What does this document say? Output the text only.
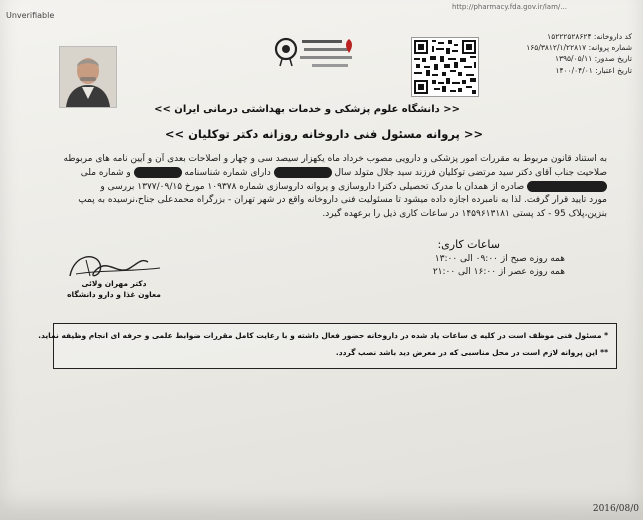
Unverifiable
http://pharmacy.fda.gov.ir/lam/...
کد داروخانه: ۱۵۲۲۲۵۲۸۶۲۴
شماره پروانه: ۱۶۵/۳۸۱۲/۱/۲۲۸۱۷
تاریخ صدور: ۱۳۹۵/۰۵/۱۱
تاریخ اعتبار: ۱۴۰۰/۰۴/۰۱
<< دانشگاه علوم پزشکی و خدمات بهداشتی درمانی ایران >>
<< پروانه مسئول فنی داروخانه روزانه دکتر توکلیان >>
به استناد قانون مربوط به مقررات امور پزشکی و دارویی مصوب خرداد ماه یکهزار سیصد سی و چهار و اصلاحات بعدی آن و آیین نامه های مربوطه
صلاحیت جناب آقای دکتر سید مرتضی توکلیان فرزند سید جلال متولد سال  دارای شماره شناسنامه  و شماره ملی
صادره از همدان با مدرک تحصیلی دکترا داروسازی و پروانه داروسازی شماره ۱۰۹۳۷۸ مورخ ۱۳۷۷/۰۹/۱۵ بررسی و
مورد تایید قرار گرفت. لذا به نامبرده اجازه داده میشود تا مسئولیت فنی داروخانه واقع در شهر تهران - بزرگراه محمدعلی جناح،نرسیده به پمپ
بنزین،پلاک 95 - کد پستی ۱۴۵۹۶۱۳۱۸۱ در ساعات کاری ذیل را برعهده گیرد.
ساعات کاری:
همه روزه صبح از ۰۹:۰۰ الی ۱۳:۰۰
همه روزه عصر از ۱۶:۰۰ الی ۲۱:۰۰
دکتر مهران ولائی
معاون غذا و دارو دانشگاه
* مسئول فنی موظف است در کلیه ی ساعات یاد شده در داروخانه حضور فعال داشته و با رعایت کامل مقررات ضوابط علمی و حرفه ای انجام وظیفه نماید.
** این پروانه لازم است در محل مناسبی که در معرض دید باشد نصب گردد.
2016/08/0
